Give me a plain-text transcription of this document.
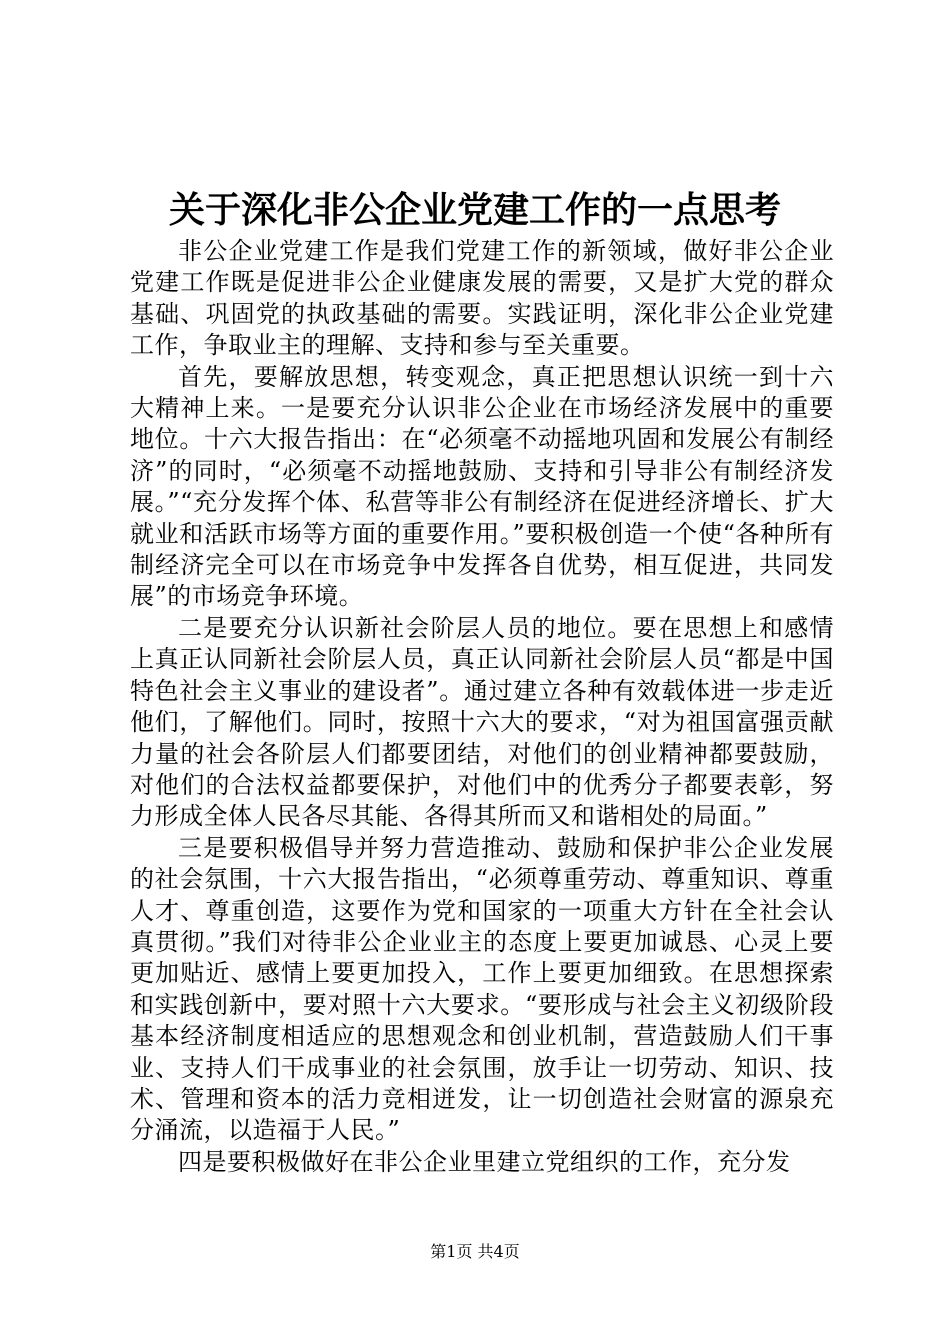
关于深化非公企业党建工作的一点思考

非公企业党建工作是我们党建工作的新领域，做好非公企业党建工作既是促进非公企业健康发展的需要，又是扩大党的群众基础、巩固党的执政基础的需要。实践证明，深化非公企业党建工作，争取业主的理解、支持和参与至关重要。

首先，要解放思想，转变观念，真正把思想认识统一到十六大精神上来。一是要充分认识非公企业在市场经济发展中的重要地位。十六大报告指出：在“必须毫不动摇地巩固和发展公有制经济”的同时，“必须毫不动摇地鼓励、支持和引导非公有制经济发展。”“充分发挥个体、私营等非公有制经济在促进经济增长、扩大就业和活跃市场等方面的重要作用。”要积极创造一个使“各种所有制经济完全可以在市场竞争中发挥各自优势，相互促进，共同发展”的市场竞争环境。

二是要充分认识新社会阶层人员的地位。要在思想上和感情上真正认同新社会阶层人员，真正认同新社会阶层人员“都是中国特色社会主义事业的建设者”。通过建立各种有效载体进一步走近他们，了解他们。同时，按照十六大的要求，“对为祖国富强贡献力量的社会各阶层人们都要团结，对他们的创业精神都要鼓励，对他们的合法权益都要保护，对他们中的优秀分子都要表彰，努力形成全体人民各尽其能、各得其所而又和谐相处的局面。”

三是要积极倡导并努力营造推动、鼓励和保护非公企业发展的社会氛围，十六大报告指出，“必须尊重劳动、尊重知识、尊重人才、尊重创造，这要作为党和国家的一项重大方针在全社会认真贯彻。”我们对待非公企业业主的态度上要更加诚恳、心灵上要更加贴近、感情上要更加投入，工作上要更加细致。在思想探索和实践创新中，要对照十六大要求。“要形成与社会主义初级阶段基本经济制度相适应的思想观念和创业机制，营造鼓励人们干事业、支持人们干成事业的社会氛围，放手让一切劳动、知识、技术、管理和资本的活力竞相迸发，让一切创造社会财富的源泉充分涌流，以造福于人民。”

四是要积极做好在非公企业里建立党组织的工作，充分发

第1页 共4页
